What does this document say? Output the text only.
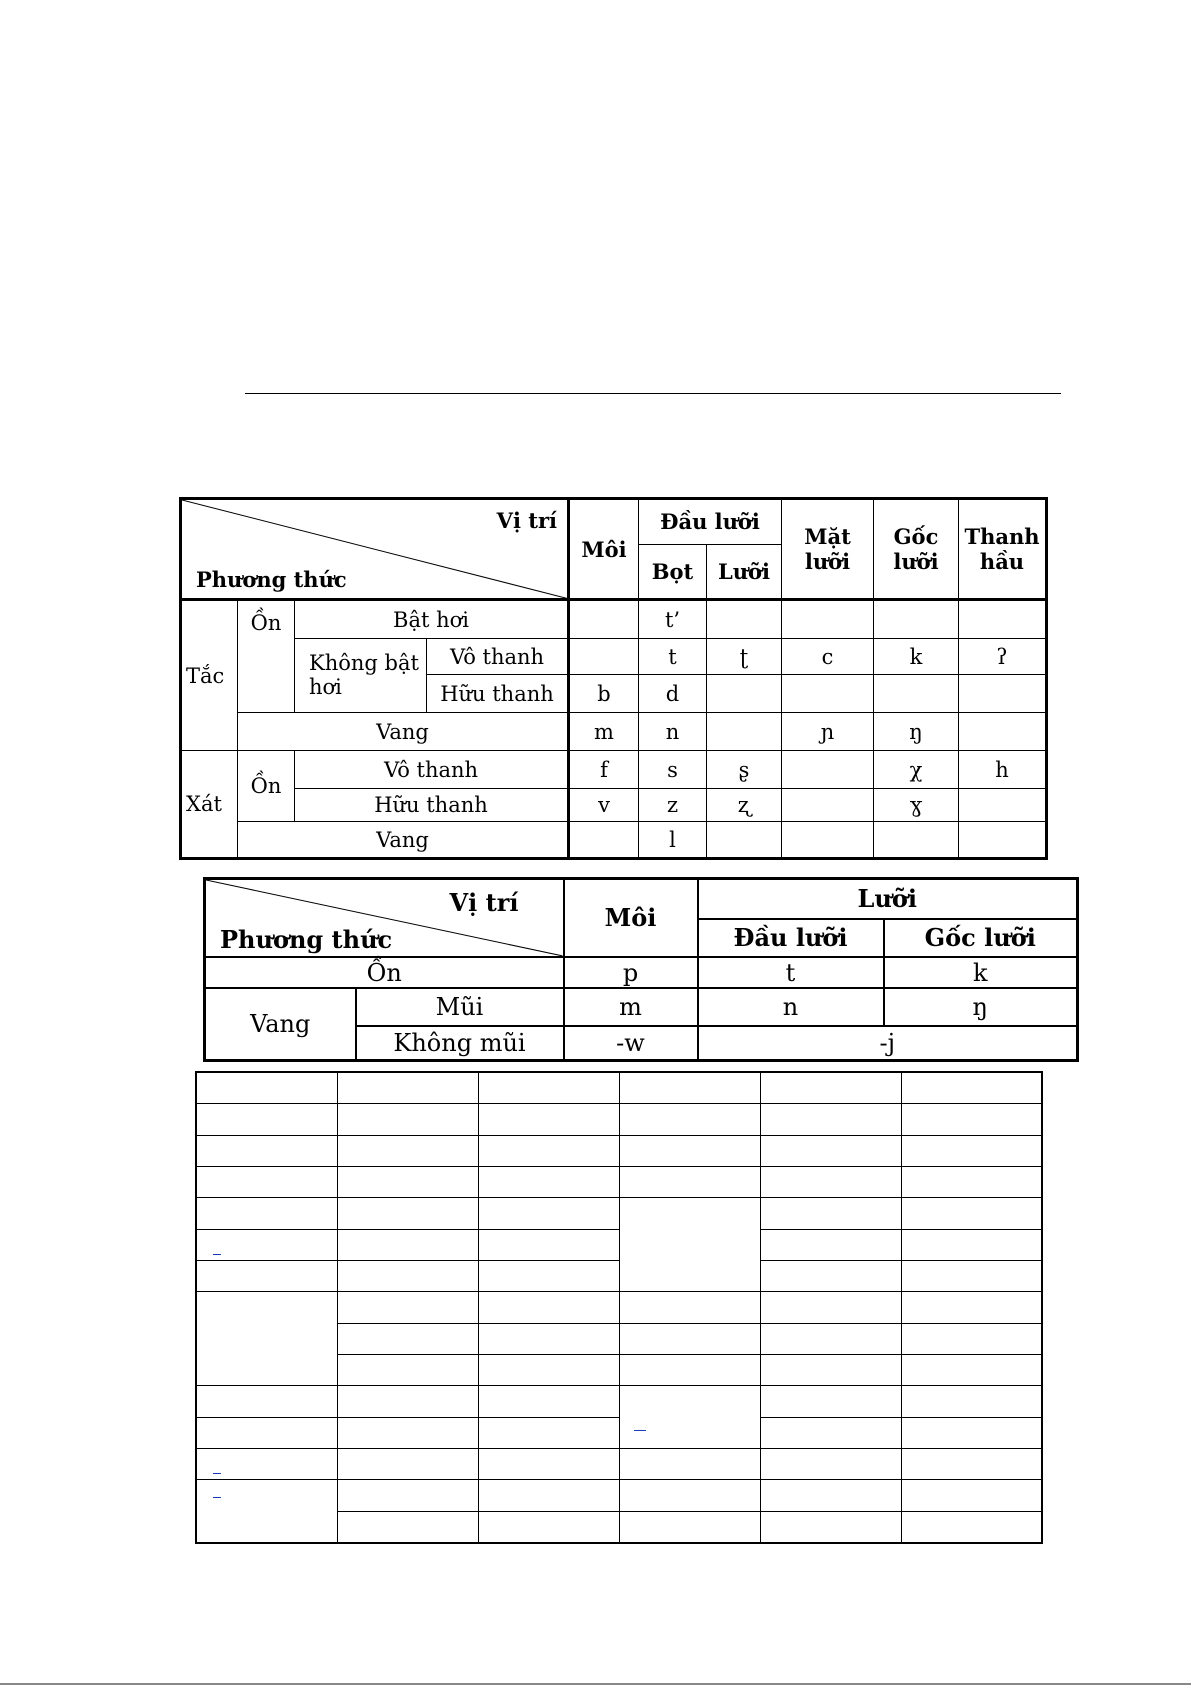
Vị trí
Phương thức				Môi	Đầu lưỡi		Mặt lưỡi	Gốc lưỡi	Thanh hầu
					Bọt	Lưỡi			
Tắc	Ồn	Bật hơi			t’				
		Không bật hơi	Vô thanh		t	ʈ	c	k	ʔ
			Hữu thanh	b	d				
	Vang			m	n		ɲ	ŋ	
Xát	Ồn	Vô thanh		f	s	ʂ		χ	h
		Hữu thanh		v	z	ʐ		ɣ	
	Vang				l				
Vị trí
Phương thức		Môi	Lưỡi	
			Đầu lưỡi	Gốc lưỡi
Ồn		p	t	k
Vang	Mũi	m	n	ŋ
	Không mũi	-w	-j	
